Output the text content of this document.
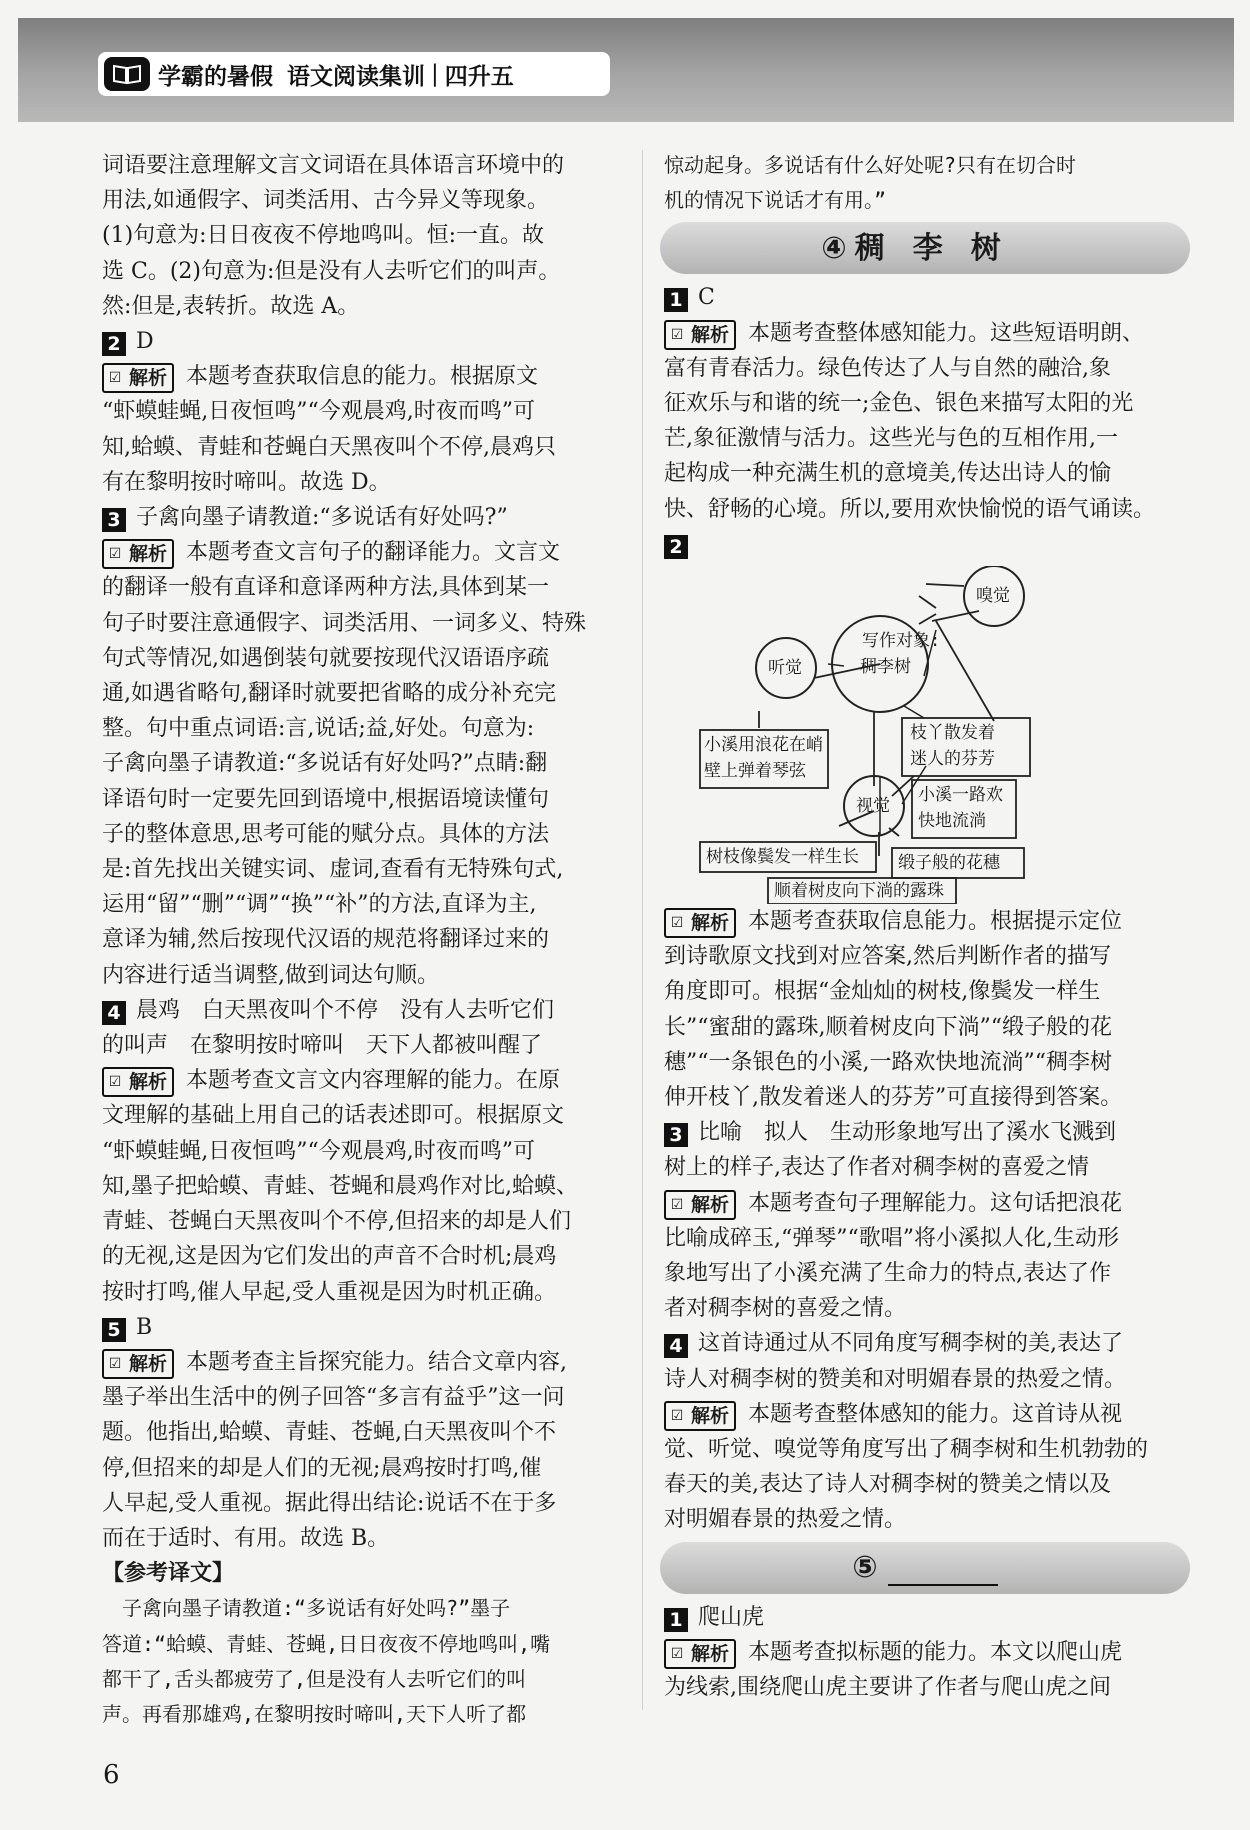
学霸的暑假 语文阅读集训 | 四升五

词语要注意理解文言文词语在具体语言环境中的

用法,如通假字、词类活用、古今异义等现象。

(1)句意为:日日夜夜不停地鸣叫。恒:一直。故

选 C。(2)句意为:但是没有人去听它们的叫声。

然:但是,表转折。故选 A。

2 D

☑ 解析 本题考查获取信息的能力。根据原文

“虾蟆蛙蝇,日夜恒鸣”“今观晨鸡,时夜而鸣”可

知,蛤蟆、青蛙和苍蝇白天黑夜叫个不停,晨鸡只

有在黎明按时啼叫。故选 D。

3 子禽向墨子请教道:“多说话有好处吗?”

☑ 解析 本题考查文言句子的翻译能力。文言文

的翻译一般有直译和意译两种方法,具体到某一

句子时要注意通假字、词类活用、一词多义、特殊

句式等情况,如遇倒装句就要按现代汉语语序疏

通,如遇省略句,翻译时就要把省略的成分补充完

整。句中重点词语:言,说话;益,好处。句意为:

子禽向墨子请教道:“多说话有好处吗?”点睛:翻

译语句时一定要先回到语境中,根据语境读懂句

子的整体意思,思考可能的赋分点。具体的方法

是:首先找出关键实词、虚词,查看有无特殊句式,

运用“留”“删”“调”“换”“补”的方法,直译为主,

意译为辅,然后按现代汉语的规范将翻译过来的

内容进行适当调整,做到词达句顺。

4 晨鸡　白天黑夜叫个不停　没有人去听它们

的叫声　在黎明按时啼叫　天下人都被叫醒了

☑ 解析 本题考查文言文内容理解的能力。在原

文理解的基础上用自己的话表述即可。根据原文

“虾蟆蛙蝇,日夜恒鸣”“今观晨鸡,时夜而鸣”可

知,墨子把蛤蟆、青蛙、苍蝇和晨鸡作对比,蛤蟆、

青蛙、苍蝇白天黑夜叫个不停,但招来的却是人们

的无视,这是因为它们发出的声音不合时机;晨鸡

按时打鸣,催人早起,受人重视是因为时机正确。

5 B

☑ 解析 本题考查主旨探究能力。结合文章内容,

墨子举出生活中的例子回答“多言有益乎”这一问

题。他指出,蛤蟆、青蛙、苍蝇,白天黑夜叫个不

停,但招来的却是人们的无视;晨鸡按时打鸣,催

人早起,受人重视。据此得出结论:说话不在于多

而在于适时、有用。故选 B。

【参考译文】

　子禽向墨子请教道:“多说话有好处吗?”墨子

答道:“蛤蟆、青蛙、苍蝇,日日夜夜不停地鸣叫,嘴

都干了,舌头都疲劳了,但是没有人去听它们的叫

声。再看那雄鸡,在黎明按时啼叫,天下人听了都

惊动起身。多说话有什么好处呢?只有在切合时

机的情况下说话才有用。”

④ 稠李树

1 C

☑ 解析 本题考查整体感知能力。这些短语明朗、

富有青春活力。绿色传达了人与自然的融洽,象

征欢乐与和谐的统一;金色、银色来描写太阳的光

芒,象征激情与活力。这些光与色的互相作用,一

起构成一种充满生机的意境美,传达出诗人的愉

快、舒畅的心境。所以,要用欢快愉悦的语气诵读。

2

写作对象:
稠李树
嗅觉
听觉
视觉
小溪用浪花在峭
壁上弹着琴弦
枝丫散发着
迷人的芬芳
小溪一路欢
快地流淌
树枝像鬓发一样生长 缎子般的花穗
顺着树皮向下淌的露珠

☑ 解析 本题考查获取信息能力。根据提示定位

到诗歌原文找到对应答案,然后判断作者的描写

角度即可。根据“金灿灿的树枝,像鬓发一样生

长”“蜜甜的露珠,顺着树皮向下淌”“缎子般的花

穗”“一条银色的小溪,一路欢快地流淌”“稠李树

伸开枝丫,散发着迷人的芬芳”可直接得到答案。

3 比喻　拟人　生动形象地写出了溪水飞溅到

树上的样子,表达了作者对稠李树的喜爱之情

☑ 解析 本题考查句子理解能力。这句话把浪花

比喻成碎玉,“弹琴”“歌唱”将小溪拟人化,生动形

象地写出了小溪充满了生命力的特点,表达了作

者对稠李树的喜爱之情。

4 这首诗通过从不同角度写稠李树的美,表达了

诗人对稠李树的赞美和对明媚春景的热爱之情。

☑ 解析 本题考查整体感知的能力。这首诗从视

觉、听觉、嗅觉等角度写出了稠李树和生机勃勃的

春天的美,表达了诗人对稠李树的赞美之情以及

对明媚春景的热爱之情。

⑤

1 爬山虎

☑ 解析 本题考查拟标题的能力。本文以爬山虎

为线索,围绕爬山虎主要讲了作者与爬山虎之间

6
